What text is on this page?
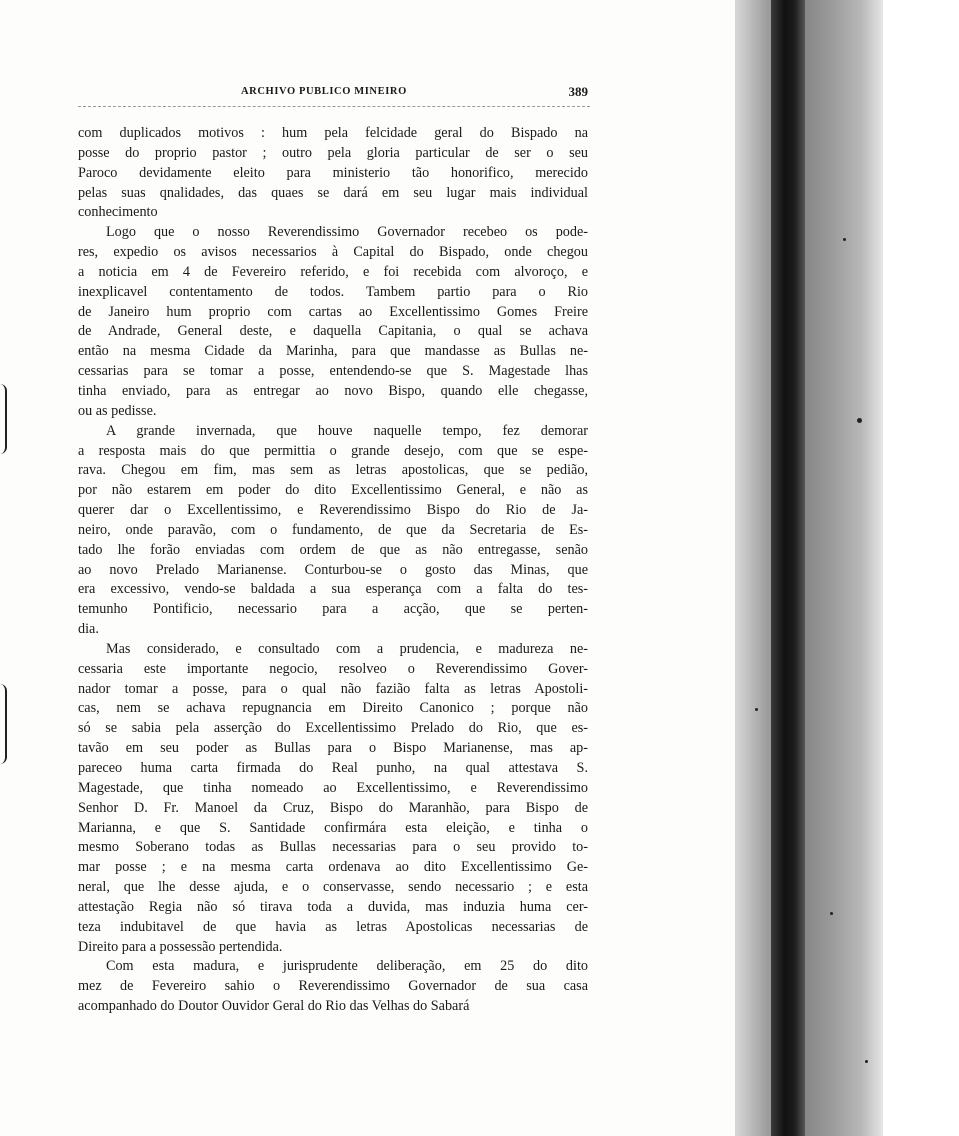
ARCHIVO PUBLICO MINEIRO	389
com duplicados motivos : hum pela felcidade geral do Bispado na
posse do proprio pastor ; outro pela gloria particular de ser o seu
Paroco devidamente eleito para ministerio tão honorifico, merecido
pelas suas qnalidades, das quaes se dará em seu lugar mais individual
conhecimento
Logo que o nosso Reverendissimo Governador recebeo os pode-
res, expedio os avisos necessarios à Capital do Bispado, onde chegou
a noticia em 4 de Fevereiro referido, e foi recebida com alvoroço, e
inexplicavel contentamento de todos. Tambem partio para o Rio
de Janeiro hum proprio com cartas ao Excellentissimo Gomes Freire
de Andrade, General deste, e daquella Capitania, o qual se achava
então na mesma Cidade da Marinha, para que mandasse as Bullas ne-
cessarias para se tomar a posse, entendendo-se que S. Magestade lhas
tinha enviado, para as entregar ao novo Bispo, quando elle chegasse,
ou as pedisse.
A grande invernada, que houve naquelle tempo, fez demorar
a resposta mais do que permittia o grande desejo, com que se espe-
rava. Chegou em fim, mas sem as letras apostolicas, que se pedião,
por não estarem em poder do dito Excellentissimo General, e não as
querer dar o Excellentissimo, e Reverendissimo Bispo do Rio de Ja-
neiro, onde paravão, com o fundamento, de que da Secretaria de Es-
tado lhe forão enviadas com ordem de que as não entregasse, senão
ao novo Prelado Marianense. Conturbou-se o gosto das Minas, que
era excessivo, vendo-se baldada a sua esperança com a falta do tes-
temunho Pontificio, necessario para a acção, que se perten-
dia.
Mas considerado, e consultado com a prudencia, e madureza ne-
cessaria este importante negocio, resolveo o Reverendissimo Gover-
nador tomar a posse, para o qual não fazião falta as letras Apostoli-
cas, nem se achava repugnancia em Direito Canonico ; porque não
só se sabia pela asserção do Excellentissimo Prelado do Rio, que es-
tavão em seu poder as Bullas para o Bispo Marianense, mas ap-
pareceo huma carta firmada do Real punho, na qual attestava S.
Magestade, que tinha nomeado ao Excellentissimo, e Reverendissimo
Senhor D. Fr. Manoel da Cruz, Bispo do Maranhão, para Bispo de
Marianna, e que S. Santidade confirmára esta eleição, e tinha o
mesmo Soberano todas as Bullas necessarias para o seu provido to-
mar posse ; e na mesma carta ordenava ao dito Excellentissimo Ge-
neral, que lhe desse ajuda, e o conservasse, sendo necessario ; e esta
attestação Regia não só tirava toda a duvida, mas induzia huma cer-
teza indubitavel de que havia as letras Apostolicas necessarias de
Direito para a possessão pertendida.
Com esta madura, e jurisprudente deliberação, em 25 do dito
mez de Fevereiro sahio o Reverendissimo Governador de sua casa
acompanhado do Doutor Ouvidor Geral do Rio das Velhas do Sabará
